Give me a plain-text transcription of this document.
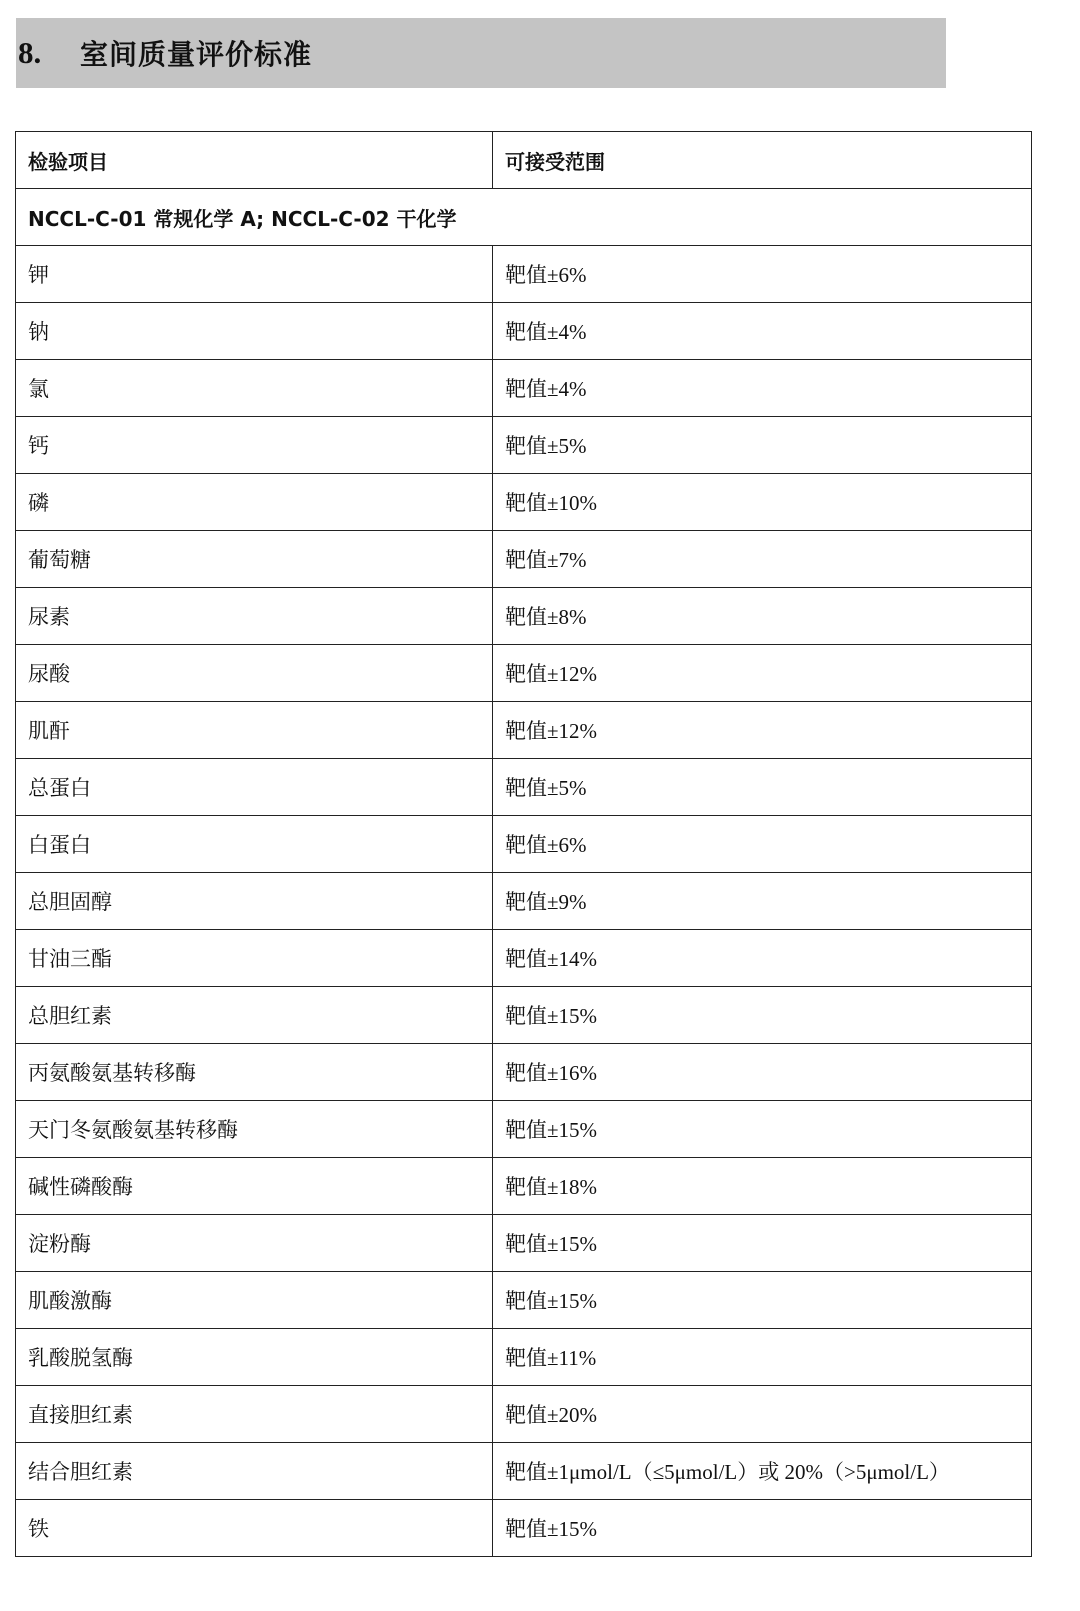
8.	室间质量评价标准
检验项目	可接受范围
NCCL-C-01 常规化学 A; NCCL-C-02 干化学	
钾	靶值±6%
钠	靶值±4%
氯	靶值±4%
钙	靶值±5%
磷	靶值±10%
葡萄糖	靶值±7%
尿素	靶值±8%
尿酸	靶值±12%
肌酐	靶值±12%
总蛋白	靶值±5%
白蛋白	靶值±6%
总胆固醇	靶值±9%
甘油三酯	靶值±14%
总胆红素	靶值±15%
丙氨酸氨基转移酶	靶值±16%
天门冬氨酸氨基转移酶	靶值±15%
碱性磷酸酶	靶值±18%
淀粉酶	靶值±15%
肌酸激酶	靶值±15%
乳酸脱氢酶	靶值±11%
直接胆红素	靶值±20%
结合胆红素	靶值±1μmol/L（≤5μmol/L）或 20%（>5μmol/L）
铁	靶值±15%
